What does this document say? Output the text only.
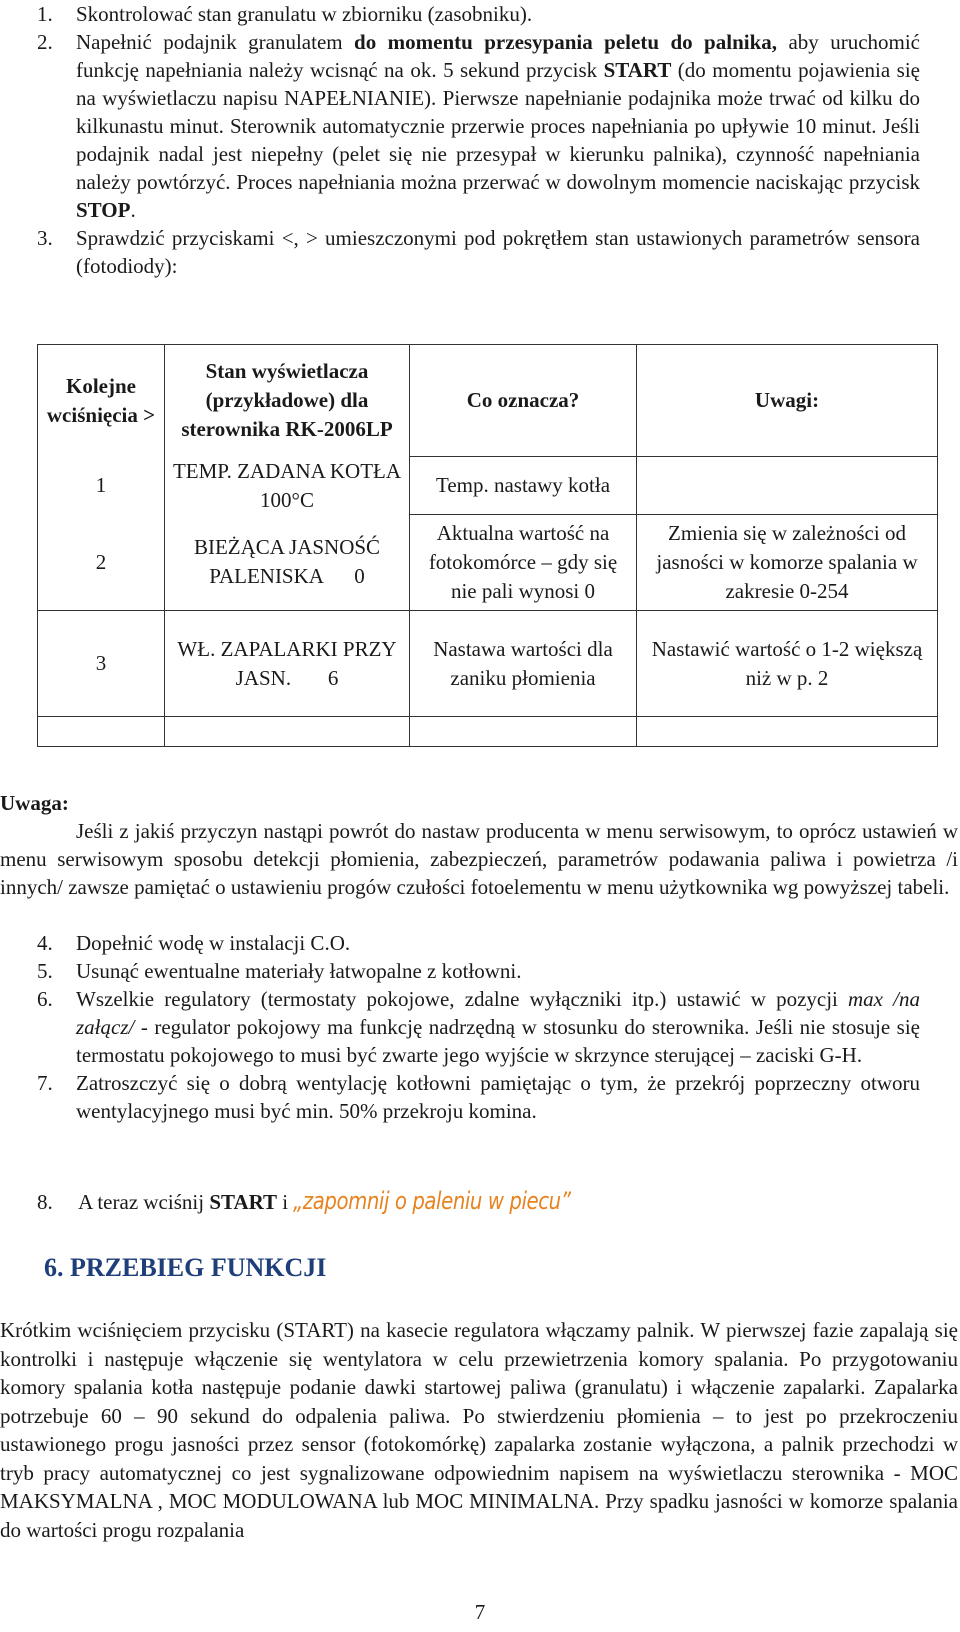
1. Skontrolować stan granulatu w zbiorniku (zasobniku).
2. Napełnić podajnik granulatem do momentu przesypania peletu do palnika, aby uruchomić funkcję napełniania należy wcisnąć na ok. 5 sekund przycisk START (do momentu pojawienia się na wyświetlaczu napisu NAPEŁNIANIE). Pierwsze napełnianie podajnika może trwać od kilku do kilkunastu minut. Sterownik automatycznie przerwie proces napełniania po upływie 10 minut. Jeśli podajnik nadal jest niepełny (pelet się nie przesypał w kierunku palnika), czynność napełniania należy powtórzyć. Proces napełniania można przerwać w dowolnym momencie naciskając przycisk STOP.
3. Sprawdzić przyciskami <, > umieszczonymi pod pokrętłem stan ustawionych parametrów sensora (fotodiody):
Kolejne wciśnięcia >	Stan wyświetlacza (przykładowe) dla sterownika RK-2006LP	Co oznacza?	Uwagi:
1	TEMP. ZADANA KOTŁA 100°C	Temp. nastawy kotła	
2	BIEŻĄCA JASNOŚĆ PALENISKA      0	Aktualna wartość na fotokomórce – gdy się nie pali wynosi 0	Zmienia się w zależności od jasności w komorze spalania w zakresie 0-254
3	WŁ. ZAPALARKI PRZY JASN.       6	Nastawa wartości dla zaniku płomienia	Nastawić wartość o 1-2 większą niż w p. 2

Uwaga:
Jeśli z jakiś przyczyn nastąpi powrót do nastaw producenta w menu serwisowym, to oprócz ustawień w menu serwisowym sposobu detekcji płomienia, zabezpieczeń, parametrów podawania paliwa i powietrza /i innych/ zawsze pamiętać o ustawieniu progów czułości fotoelementu w menu użytkownika wg powyższej tabeli.
4. Dopełnić wodę w instalacji C.O.
5. Usunąć ewentualne materiały łatwopalne z kotłowni.
6. Wszelkie regulatory (termostaty pokojowe, zdalne wyłączniki itp.) ustawić w pozycji max /na załącz/ - regulator pokojowy ma funkcję nadrzędną w stosunku do sterownika. Jeśli nie stosuje się termostatu pokojowego to musi być zwarte jego wyjście w skrzynce sterującej – zaciski G-H.
7. Zatroszczyć się o dobrą wentylację kotłowni pamiętając o tym, że przekrój poprzeczny otworu wentylacyjnego musi być min. 50% przekroju komina.
8. A teraz wciśnij START i „zapomnij o paleniu w piecu”
6. PRZEBIEG FUNKCJI
Krótkim wciśnięciem przycisku (START) na kasecie regulatora włączamy palnik. W pierwszej fazie zapalają się kontrolki i następuje włączenie się wentylatora w celu przewietrzenia komory spalania. Po przygotowaniu komory spalania kotła następuje podanie dawki startowej paliwa (granulatu) i włączenie zapalarki. Zapalarka potrzebuje 60 – 90 sekund do odpalenia paliwa. Po stwierdzeniu płomienia – to jest po przekroczeniu ustawionego progu jasności przez sensor (fotokomórkę) zapalarka zostanie wyłączona, a palnik przechodzi w tryb pracy automatycznej co jest sygnalizowane odpowiednim napisem na wyświetlaczu sterownika - MOC MAKSYMALNA , MOC MODULOWANA lub MOC MINIMALNA. Przy spadku jasności w komorze spalania do wartości progu rozpalania
7
